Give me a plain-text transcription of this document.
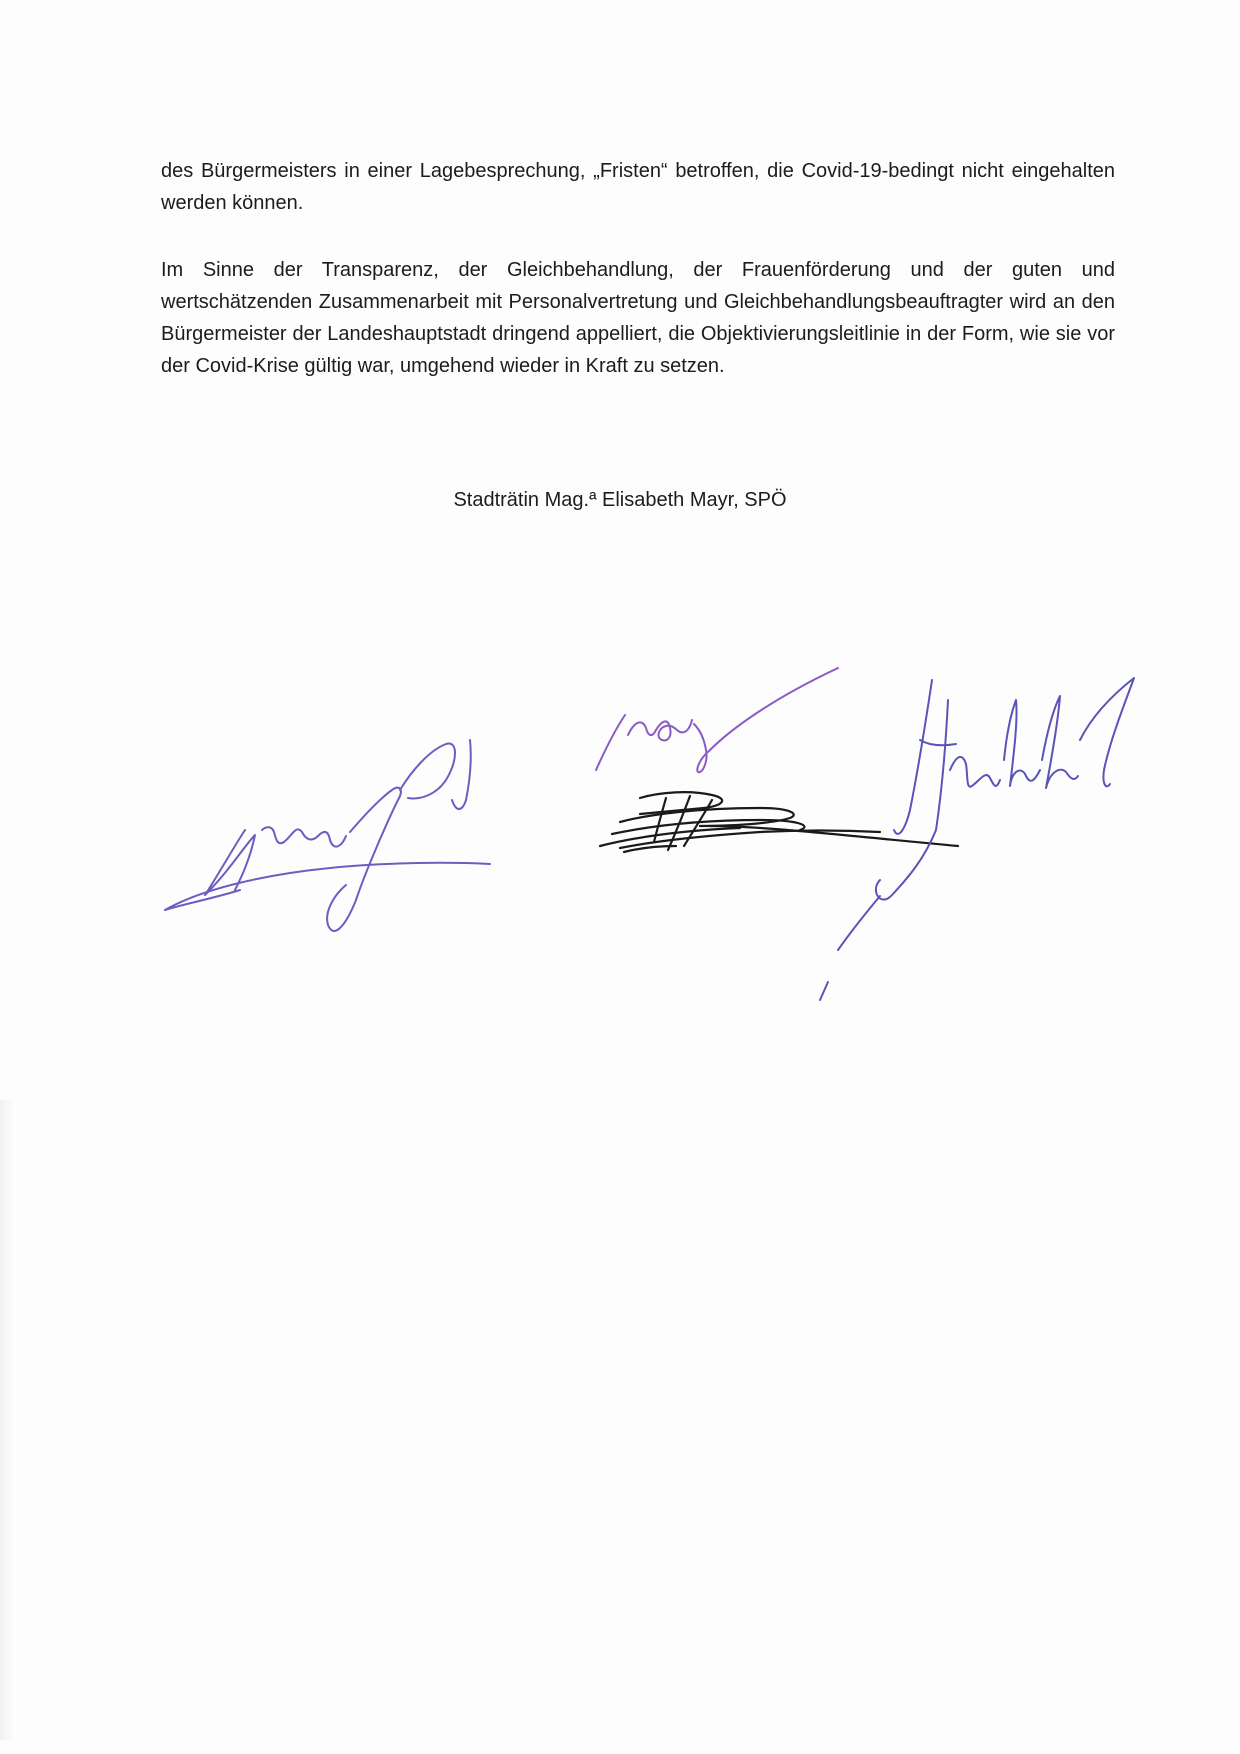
des Bürgermeisters in einer Lagebesprechung, „Fristen“ betroffen, die Covid-19-bedingt nicht eingehalten werden können.

Im Sinne der Transparenz, der Gleichbehandlung, der Frauenförderung und der guten und wertschätzenden Zusammenarbeit mit Personalvertretung und Gleichbehandlungsbeauftragter wird an den Bürgermeister der Landeshauptstadt dringend appelliert, die Objektivierungsleitlinie in der Form, wie sie vor der Covid-Krise gültig war, umgehend wieder in Kraft zu setzen.

Stadträtin Mag.ª Elisabeth Mayr, SPÖ
